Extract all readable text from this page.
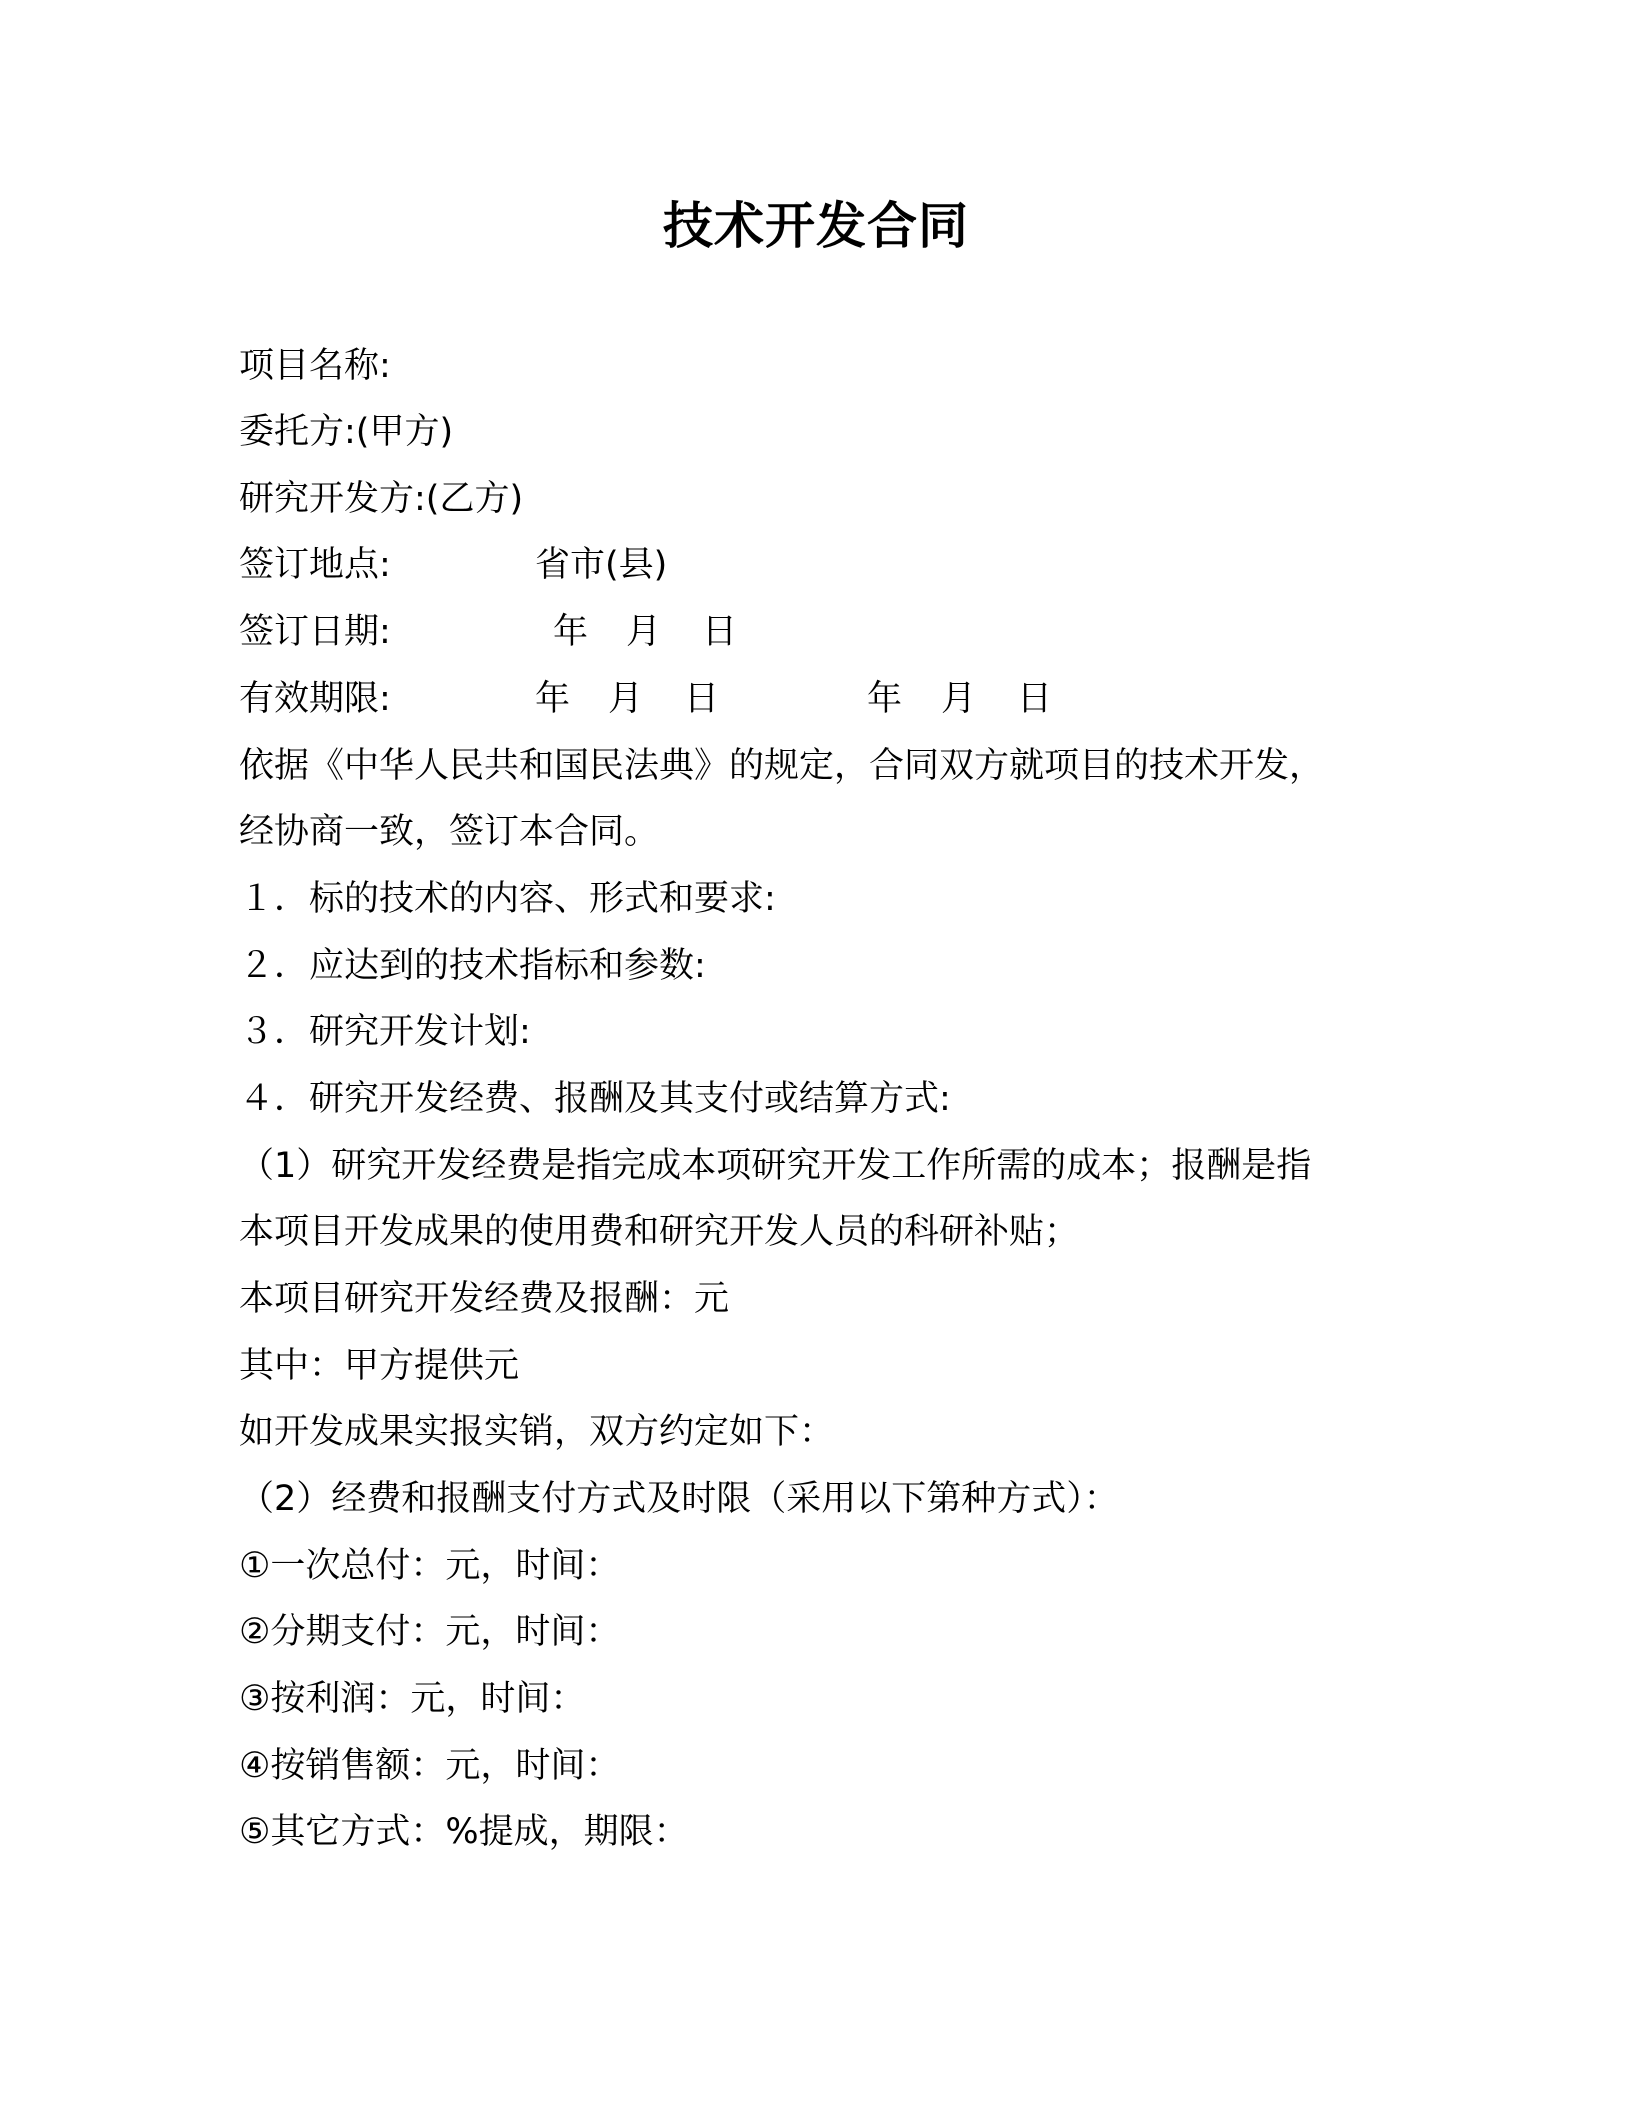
技术开发合同
项目名称:
委托方:(甲方)
研究开发方:(乙方)
签订地点:	省市(县)
签订日期:	年 月 日
有效期限:	年 月 日	年 月 日
依据《中华人民共和国民法典》的规定，合同双方就项目的技术开发，
经协商一致，签订本合同。
１．标的技术的内容、形式和要求:
２．应达到的技术指标和参数:
３．研究开发计划:
４．研究开发经费、报酬及其支付或结算方式:
（1）研究开发经费是指完成本项研究开发工作所需的成本；报酬是指
本项目开发成果的使用费和研究开发人员的科研补贴；
本项目研究开发经费及报酬：元
其中：甲方提供元
如开发成果实报实销，双方约定如下：
（2）经费和报酬支付方式及时限（采用以下第种方式）：
①一次总付：元，时间：
②分期支付：元，时间：
③按利润：元，时间：
④按销售额：元，时间：
⑤其它方式：%提成，期限：
